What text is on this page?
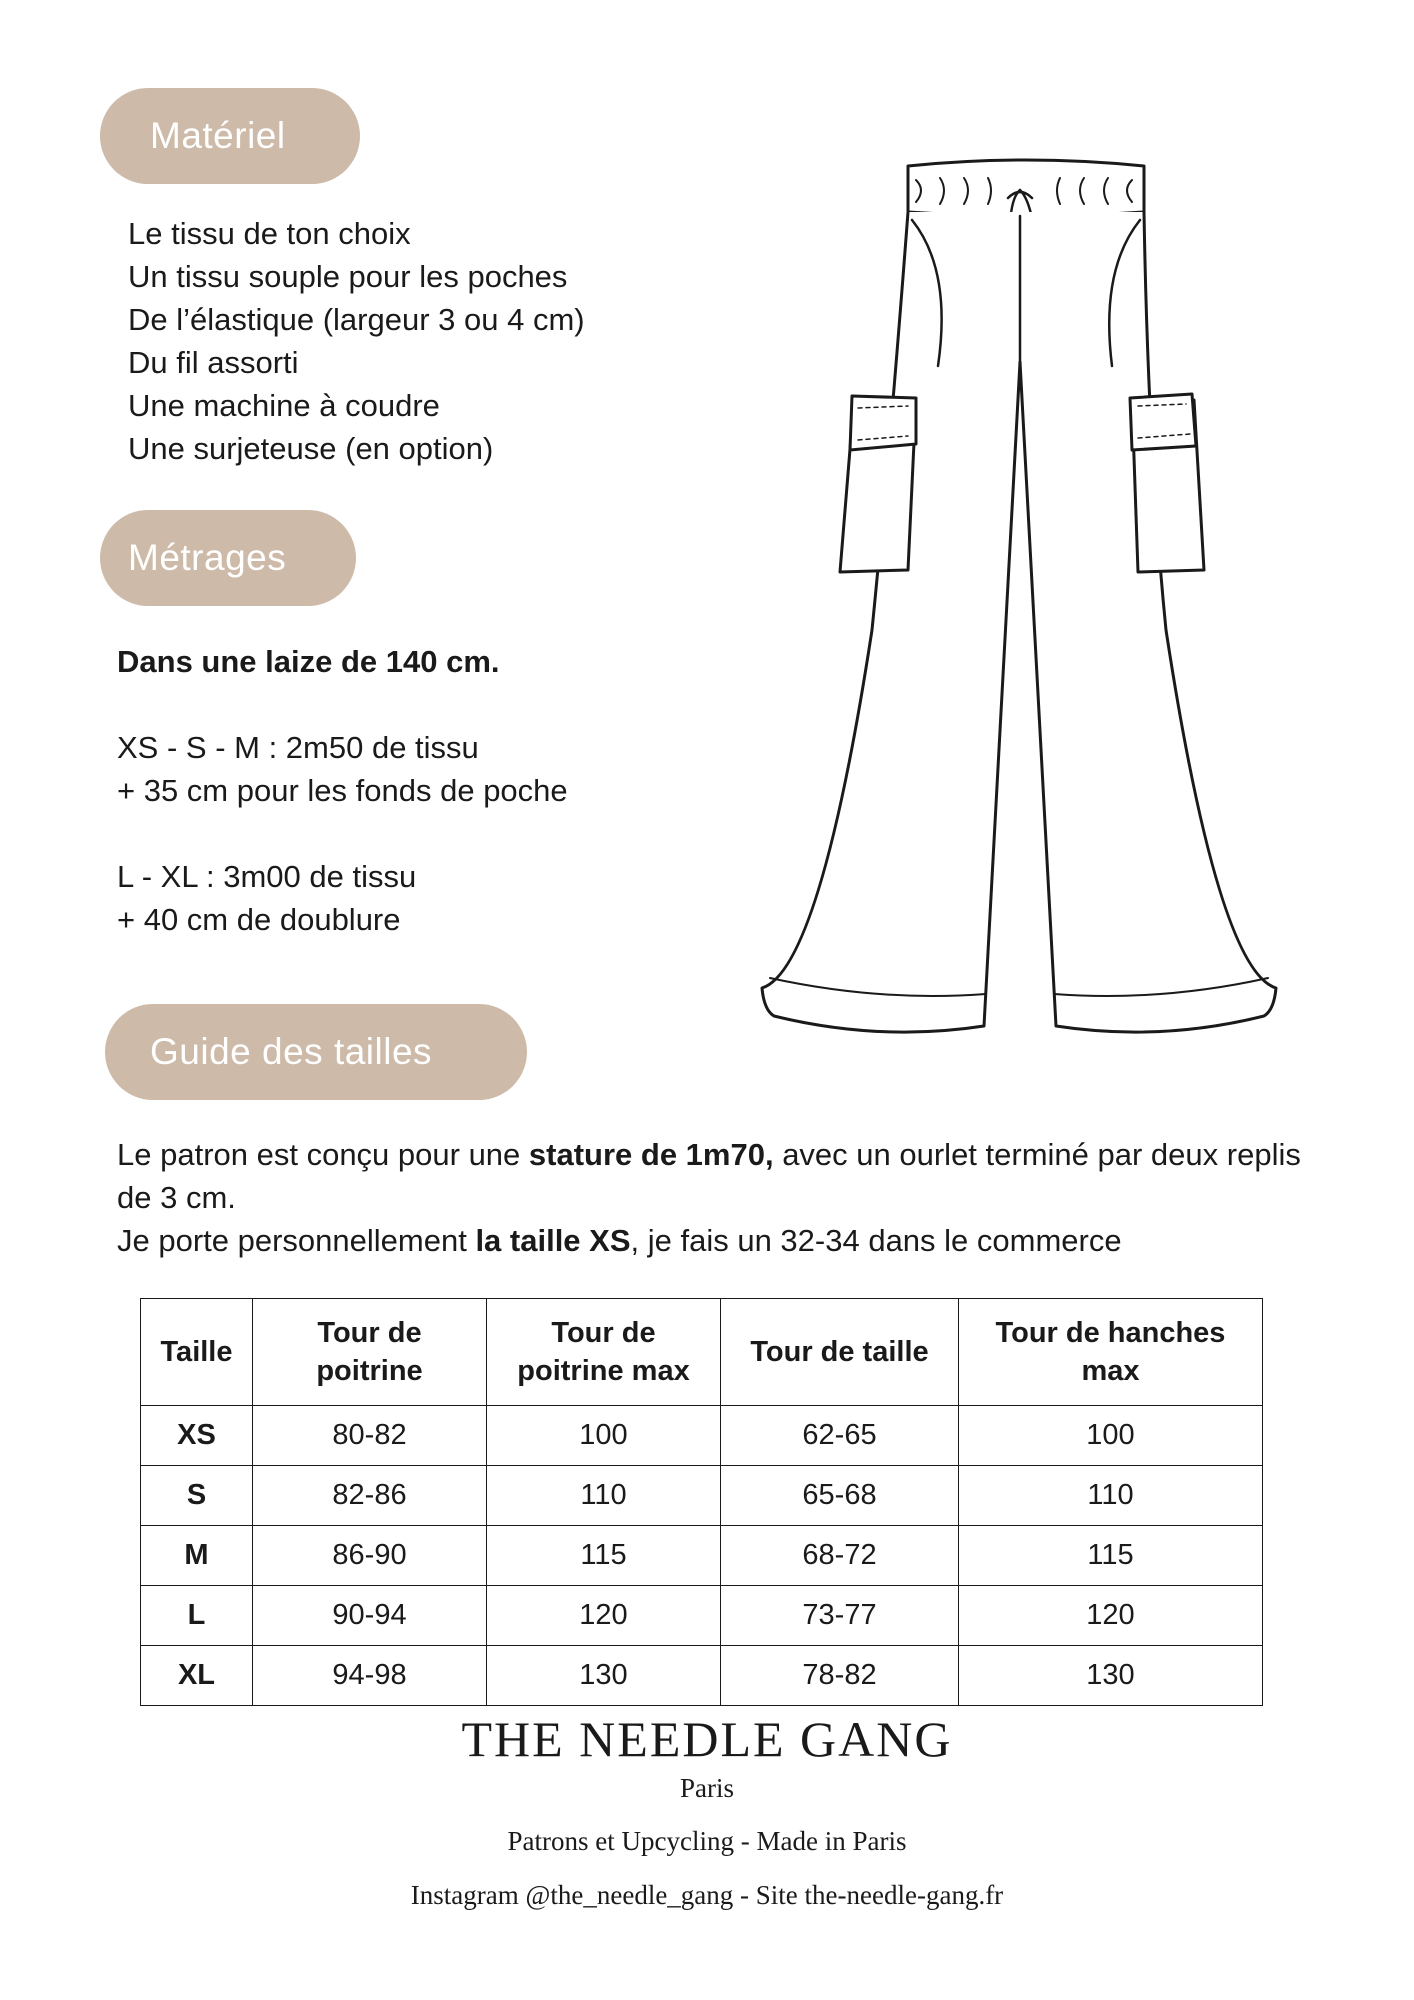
Matériel
Le tissu de ton choix
Un tissu souple pour les poches
De l’élastique (largeur 3 ou 4 cm)
Du fil assorti
Une machine à coudre
Une surjeteuse (en option)
Métrages

Dans une laize de 140 cm.

XS - S - M : 2m50 de tissu
+ 35 cm pour les fonds de poche

L - XL : 3m00 de tissu
+ 40 cm de doublure

Guide des tailles

Le patron est conçu pour une stature de 1m70, avec un ourlet terminé par deux replis de 3 cm.
Je porte personnellement la taille XS, je fais un 32-34 dans le commerce

Taille	Tour de poitrine	Tour de poitrine max	Tour de taille	Tour de hanches max
XS	80-82	100	62-65	100
S	82-86	110	65-68	110
M	86-90	115	68-72	115
L	90-94	120	73-77	120
XL	94-98	130	78-82	130
THE NEEDLE GANG
Paris
Patrons et Upcycling - Made in Paris
Instagram @the_needle_gang - Site the-needle-gang.fr
